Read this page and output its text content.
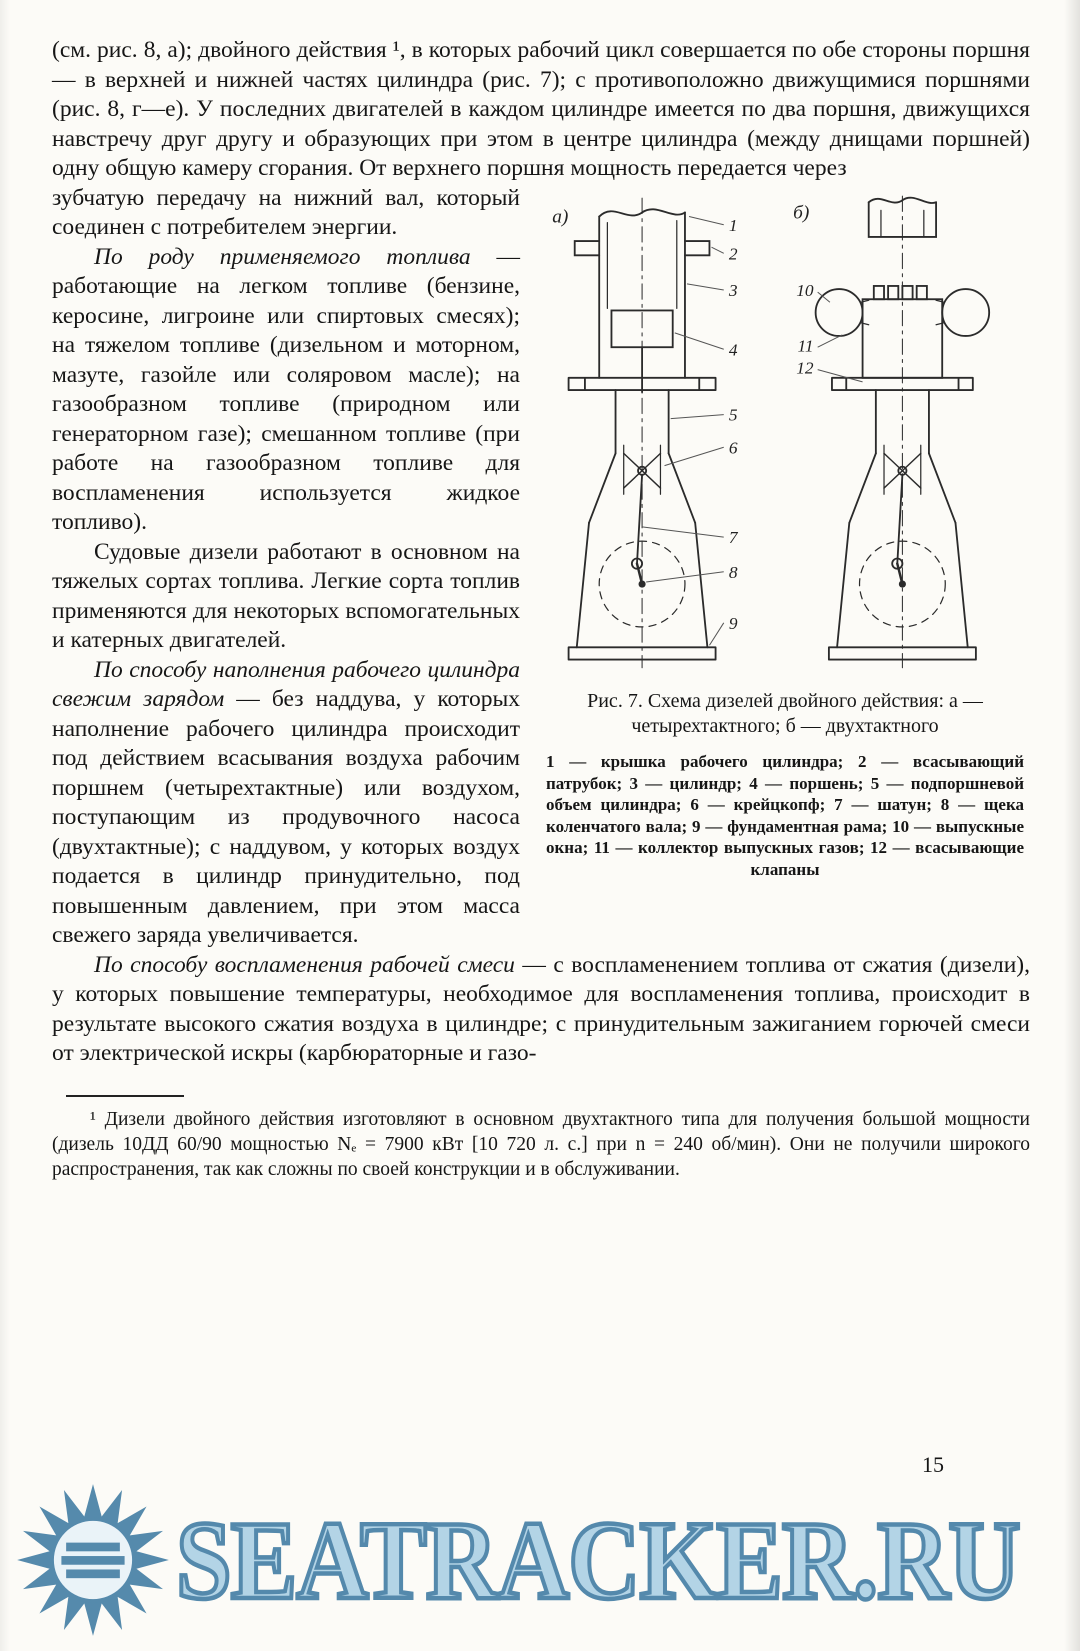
(см. рис. 8, а); двойного действия ¹, в которых рабочий цикл совершается по обе стороны поршня — в верхней и нижней частях цилиндра (рис. 7); с противоположно движущимися поршнями (рис. 8, г—е). У последних двигателей в каждом цилиндре имеется по два поршня, движущихся навстречу друг другу и образующих при этом в центре цилиндра (между днищами поршней) одну общую камеру сгорания. От верхнего поршня мощность передается через

1
2
3
4
5
6
7
8
9
а)
10
11
12
б)
Рис. 7. Схема дизелей двойного действия: а — четырехтактного; б — двухтактного
1 — крышка рабочего цилиндра; 2 — всасывающий патрубок; 3 — цилиндр; 4 — поршень; 5 — подпоршневой объем цилиндра; 6 — крейцкопф; 7 — шатун; 8 — щека коленчатого вала; 9 — фундаментная рама; 10 — выпускные окна; 11 — коллектор выпускных газов; 12 — всасывающие клапаны

зубчатую передачу на нижний вал, который соединен с потребителем энергии.

По роду применяемого топлива — работающие на легком топливе (бензине, керосине, лигроине или спиртовых смесях); на тяжелом топливе (дизельном и моторном, мазуте, газойле или соляровом масле); на газообразном топливе (природном или генераторном газе); смешанном топливе (при работе на газообразном топливе для воспламенения используется жидкое топливо).

Судовые дизели работают в основном на тяжелых сортах топлива. Легкие сорта топлив применяются для некоторых вспомогательных и катерных двигателей.

По способу наполнения рабочего цилиндра свежим зарядом — без наддува, у которых наполнение рабочего цилиндра происходит под действием всасывания воздуха рабочим поршнем (четырехтактные) или воздухом, поступающим из продувочного насоса (двухтактные); с наддувом, у которых воздух подается в цилиндр принудительно, под повышенным давлением, при этом масса свежего заряда увеличивается.

По способу воспламенения рабочей смеси — с воспламенением топлива от сжатия (дизели), у которых повышение температуры, необходимое для воспламенения топлива, происходит в результате высокого сжатия воздуха в цилиндре; с принудительным зажиганием горючей смеси от электрической искры (карбюраторные и газо-

¹ Дизели двойного действия изготовляют в основном двухтактного типа для получения большой мощности (дизель 10ДД 60/90 мощностью Nₑ = 7900 кВт [10 720 л. с.] при n = 240 об/мин). Они не получили широкого распространения, так как сложны по своей конструкции и в обслуживании.

15
SEATRACKER.RU
